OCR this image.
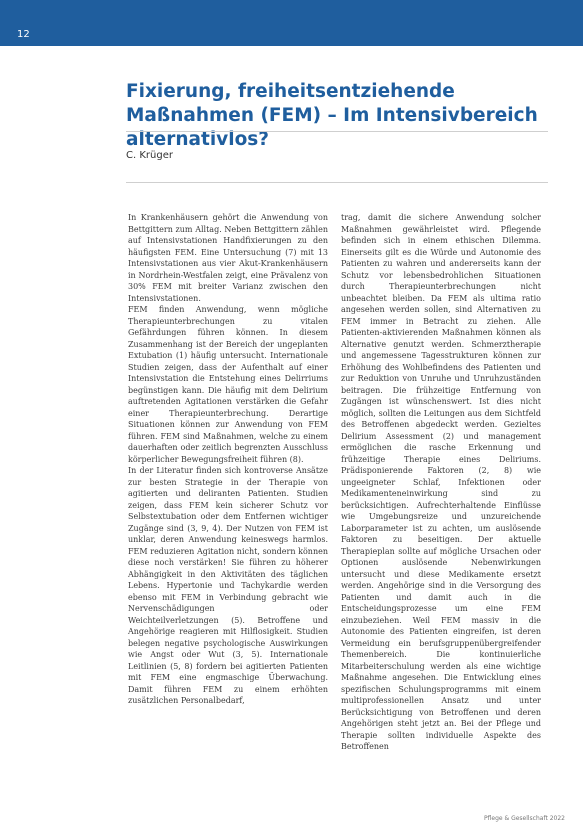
12
Fixierung, freiheitsentziehende Maßnahmen (FEM) – Im Intensivbereich alternativlos?
C. Krüger

In Krankenhäusern gehört die Anwendung von Bettgittern zum Alltag. Neben Bettgittern zählen auf Intensivstationen Handfixierungen zu den häufigsten FEM. Eine Untersuchung (7) mit 13 Intensivstationen aus vier Akut-Krankenhäusern in Nordrhein-Westfalen zeigt, eine Prävalenz von 30% FEM mit breiter Varianz zwischen den Intensivstationen.

FEM finden Anwendung, wenn mögliche Therapieunterbrechungen zu vitalen Gefährdungen führen können. In diesem Zusammenhang ist der Bereich der ungeplanten Extubation (1) häufig untersucht. Internationale Studien zeigen, dass der Aufenthalt auf einer Intensivstation die Entstehung eines Delirriums begünstigen kann. Die häufig mit dem Delirium auftretenden Agitationen verstärken die Gefahr einer Therapieunterbrechung. Derartige Situationen können zur Anwendung von FEM führen. FEM sind Maßnahmen, welche zu einem dauerhaften oder zeitlich begrenzten Ausschluss körperlicher Bewegungsfreiheit führen (8).

In der Literatur finden sich kontroverse Ansätze zur besten Strategie in der Therapie von agitierten und deliranten Patienten. Studien zeigen, dass FEM kein sicherer Schutz vor Selbstextubation oder dem Entfernen wichtiger Zugänge sind (3, 9, 4). Der Nutzen von FEM ist unklar, deren Anwendung keineswegs harmlos. FEM reduzieren Agitation nicht, sondern können diese noch verstärken! Sie führen zu höherer Abhängigkeit in den Aktivitäten des täglichen Lebens. Hypertonie und Tachykardie werden ebenso mit FEM in Verbindung gebracht wie Nervenschädigungen oder Weichteilverletzungen (5). Betroffene und Angehörige reagieren mit Hilflosigkeit. Studien belegen negative psychologische Auswirkungen wie Angst oder Wut (3, 5). Internationale Leitlinien (5, 8) fordern bei agitierten Patienten mit FEM eine engmaschige Überwachung. Damit führen FEM zu einem erhöhten zusätzlichen Personalbedarf,

trag, damit die sichere Anwendung solcher Maßnahmen gewährleistet wird. Pflegende befinden sich in einem ethischen Dilemma. Einerseits gilt es die Würde und Autonomie des Patienten zu wahren und andererseits kann der Schutz vor lebensbedrohlichen Situationen durch Therapieunterbrechungen nicht unbeachtet bleiben. Da FEM als ultima ratio angesehen werden sollen, sind Alternativen zu FEM immer in Betracht zu ziehen. Alle Patienten-aktivierenden Maßnahmen können als Alternative genutzt werden. Schmerztherapie und angemessene Tagesstrukturen können zur Erhöhung des Wohlbefindens des Patienten und zur Reduktion von Unruhe und Unruhzuständen beitragen. Die frühzeitige Entfernung von Zugängen ist wünschenswert. Ist dies nicht möglich, sollten die Leitungen aus dem Sichtfeld des Betroffenen abgedeckt werden. Gezieltes Delirium Assessment (2) und management ermöglichen die rasche Erkennung und frühzeitige Therapie eines Deliriums. Prädisponierende Faktoren (2, 8) wie ungeeigneter Schlaf, Infektionen oder Medikamenteneinwirkung sind zu berücksichtigen. Aufrechterhaltende Einflüsse wie Umgebungsreize und unzureichende Laborparameter ist zu achten, um auslösende Faktoren zu beseitigen. Der aktuelle Therapieplan sollte auf mögliche Ursachen oder Optionen auslösende Nebenwirkungen untersucht und diese Medikamente ersetzt werden. Angehörige sind in die Versorgung des Patienten und damit auch in die Entscheidungsprozesse um eine FEM einzubeziehen. Weil FEM massiv in die Autonomie des Patienten eingreifen, ist deren Vermeidung ein berufsgruppenübergreifender Themenbereich. Die kontinuierliche Mitarbeiterschulung werden als eine wichtige Maßnahme angesehen. Die Entwicklung eines spezifischen Schulungsprogramms mit einem multiprofessionellen Ansatz und unter Berücksichtigung von Betroffenen und deren Angehörigen steht jetzt an. Bei der Pflege und Therapie sollten individuelle Aspekte des Betroffenen

Pflege & Gesellschaft 2022
